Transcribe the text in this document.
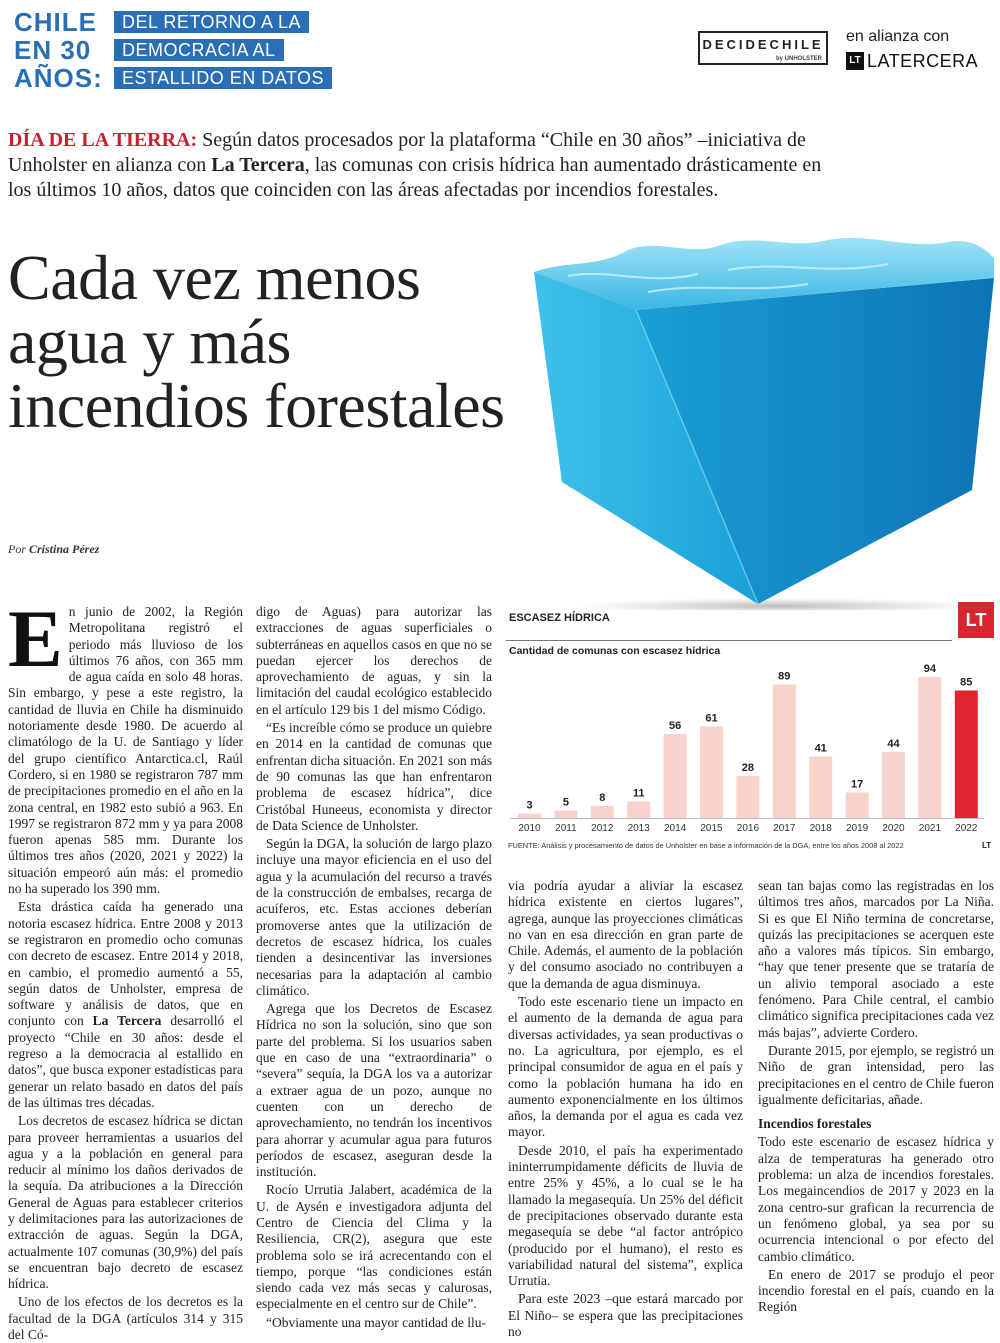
CHILE
EN 30
AÑOS:
DEL RETORNO A LA
DEMOCRACIA AL
ESTALLIDO EN DATOS
DECIDECHILE
by UNHOLSTER
en alianza con
LT LATERCERA
DÍA DE LA TIERRA: Según datos procesados por la plataforma “Chile en 30 años” –iniciativa de Unholster en alianza con La Tercera, las comunas con crisis hídrica han aumentado drásticamente en los últimos 10 años, datos que coinciden con las áreas afectadas por incendios forestales.
Cada vez menos agua y más incendios forestales
Por Cristina Pérez
ESCASEZ HÍDRICA	LT
Cantidad de comunas con escasez hídrica
3
2010
5
2011
8
2012
11
2013
56
2014
61
2015
28
2016
89
2017
41
2018
17
2019
44
2020
94
2021
85
2022
FUENTE: Análisis y procesamiento de datos de Unholster en base a información de la DGA, entre los años 2008 al 2022	LT

En junio de 2002, la Región Metropolitana registró el periodo más lluvioso de los últimos 76 años, con 365 mm de agua caída en solo 48 horas. Sin embargo, y pese a este registro, la cantidad de lluvia en Chile ha disminuido notoriamente desde 1980. De acuerdo al climatólogo de la U. de Santiago y líder del grupo científico Antarctica.cl, Raúl Cordero, si en 1980 se registraron 787 mm de precipitaciones promedio en el año en la zona central, en 1982 esto subió a 963. En 1997 se registraron 872 mm y ya para 2008 fueron apenas 585 mm. Durante los últimos tres años (2020, 2021 y 2022) la situación empeoró aún más: el promedio no ha superado los 390 mm.

Esta drástica caída ha generado una notoria escasez hídrica. Entre 2008 y 2013 se registraron en promedio ocho comunas con decreto de escasez. Entre 2014 y 2018, en cambio, el promedio aumentó a 55, según datos de Unholster, empresa de software y análisis de datos, que en conjunto con La Tercera desarrolló el proyecto “Chile en 30 años: desde el regreso a la democracia al estallido en datos”, que busca exponer estadísticas para generar un relato basado en datos del país de las últimas tres décadas.

Los decretos de escasez hídrica se dictan para proveer herramientas a usuarios del agua y a la población en general para reducir al mínimo los daños derivados de la sequía. Da atribuciones a la Dirección General de Aguas para establecer criterios y delimitaciones para las autorizaciones de extracción de aguas. Según la DGA, actualmente 107 comunas (30,9%) del país se encuentran bajo decreto de escasez hídrica.

Uno de los efectos de los decretos es la facultad de la DGA (artículos 314 y 315 del Có-

digo de Aguas) para autorizar las extracciones de aguas superficiales o subterráneas en aquellos casos en que no se puedan ejercer los derechos de aprovechamiento de aguas, y sin la limitación del caudal ecológico establecido en el artículo 129 bis 1 del mismo Código.

“Es increíble cómo se produce un quiebre en 2014 en la cantidad de comunas que enfrentan dicha situación. En 2021 son más de 90 comunas las que han enfrentaron problema de escasez hídrica”, dice Cristóbal Huneeus, economista y director de Data Science de Unholster.

Según la DGA, la solución de largo plazo incluye una mayor eficiencia en el uso del agua y la acumulación del recurso a través de la construcción de embalses, recarga de acuíferos, etc. Estas acciones deberían promoverse antes que la utilización de decretos de escasez hídrica, los cuales tienden a desincentivar las inversiones necesarias para la adaptación al cambio climático.

Agrega que los Decretos de Escasez Hídrica no son la solución, sino que son parte del problema. Si los usuarios saben que en caso de una “extraordinaria” o “severa” sequía, la DGA los va a autorizar a extraer agua de un pozo, aunque no cuenten con un derecho de aprovechamiento, no tendrán los incentivos para ahorrar y acumular agua para futuros períodos de escasez, aseguran desde la institución.

Rocío Urrutia Jalabert, académica de la U. de Aysén e investigadora adjunta del Centro de Ciencia del Clima y la Resiliencia, CR(2), asegura que este problema solo se irá acrecentando con el tiempo, porque “las condiciones están siendo cada vez más secas y calurosas, especialmente en el centro sur de Chile”.

“Obviamente una mayor cantidad de llu-

via podría ayudar a aliviar la escasez hídrica existente en ciertos lugares”, agrega, aunque las proyecciones climáticas no van en esa dirección en gran parte de Chile. Además, el aumento de la población y del consumo asociado no contribuyen a que la demanda de agua disminuya.

Todo este escenario tiene un impacto en el aumento de la demanda de agua para diversas actividades, ya sean productivas o no. La agricultura, por ejemplo, es el principal consumidor de agua en el país y como la población humana ha ido en aumento exponencialmente en los últimos años, la demanda por el agua es cada vez mayor.

Desde 2010, el país ha experimentado ininterrumpidamente déficits de lluvia de entre 25% y 45%, a lo cual se le ha llamado la megasequía. Un 25% del déficit de precipitaciones observado durante esta megasequía se debe “al factor antrópico (producido por el humano), el resto es variabilidad natural del sistema”, explica Urrutia.

Para este 2023 –que estará marcado por El Niño– se espera que las precipitaciones no

sean tan bajas como las registradas en los últimos tres años, marcados por La Niña. Si es que El Niño termina de concretarse, quizás las precipitaciones se acerquen este año a valores más típicos. Sin embargo, “hay que tener presente que se trataría de un alivio temporal asociado a este fenómeno. Para Chile central, el cambio climático significa precipitaciones cada vez más bajas”, advierte Cordero.

Durante 2015, por ejemplo, se registró un Niño de gran intensidad, pero las precipitaciones en el centro de Chile fueron igualmente deficitarias, añade.

Incendios forestales

Todo este escenario de escasez hídrica y alza de temperaturas ha generado otro problema: un alza de incendios forestales. Los megaincendios de 2017 y 2023 en la zona centro-sur grafican la recurrencia de un fenómeno global, ya sea por su ocurrencia intencional o por efecto del cambio climático.

En enero de 2017 se produjo el peor incendio forestal en el país, cuando en la Región
